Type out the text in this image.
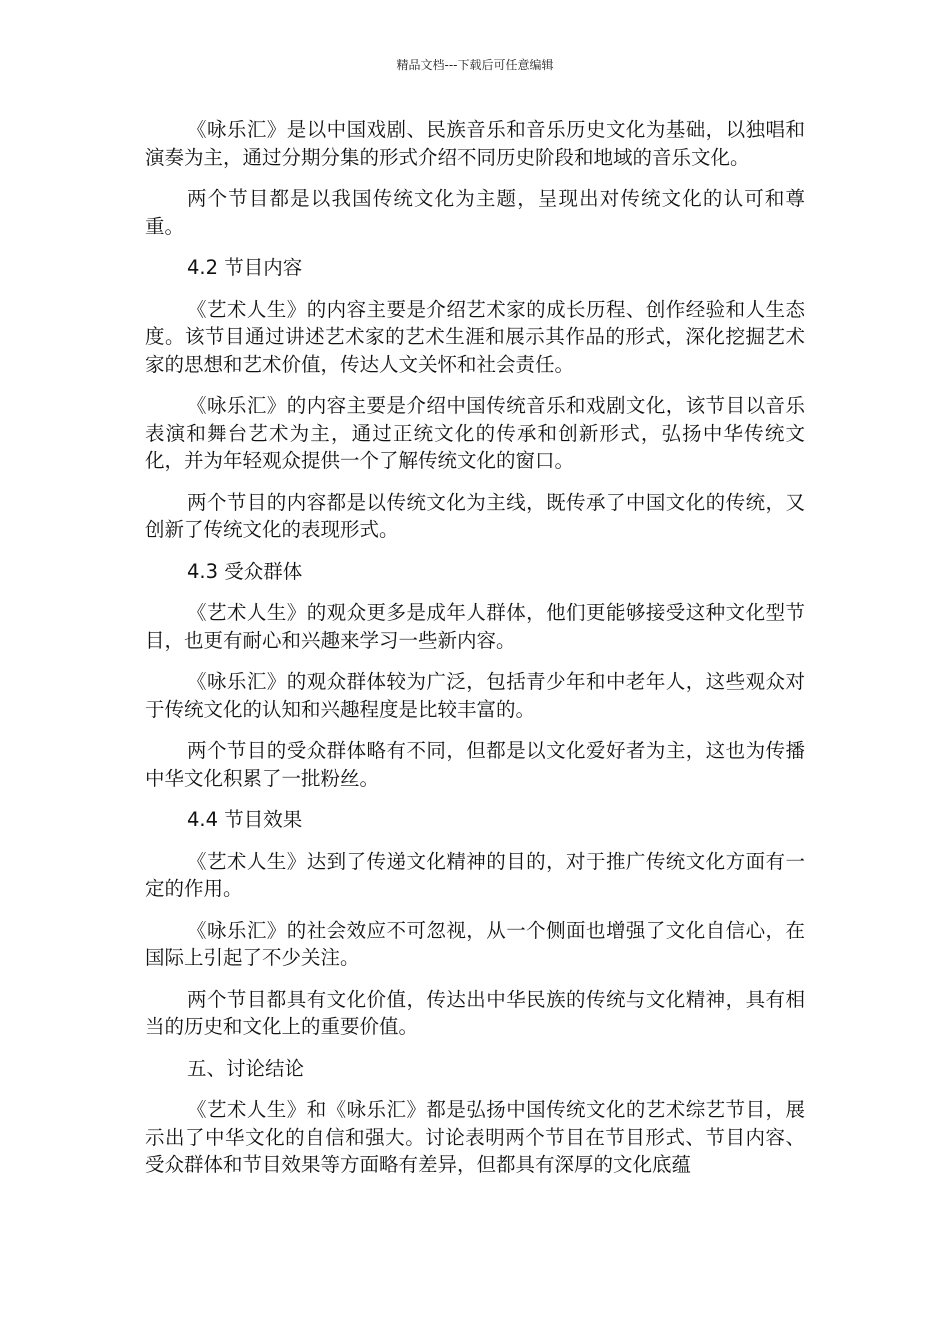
精品文档---下载后可任意编辑

《咏乐汇》是以中国戏剧、民族音乐和音乐历史文化为基础，以独唱和演奏为主，通过分期分集的形式介绍不同历史阶段和地域的音乐文化。

两个节目都是以我国传统文化为主题，呈现出对传统文化的认可和尊重。

4.2 节目内容

《艺术人生》的内容主要是介绍艺术家的成长历程、创作经验和人生态度。该节目通过讲述艺术家的艺术生涯和展示其作品的形式，深化挖掘艺术家的思想和艺术价值，传达人文关怀和社会责任。

《咏乐汇》的内容主要是介绍中国传统音乐和戏剧文化，该节目以音乐表演和舞台艺术为主，通过正统文化的传承和创新形式，弘扬中华传统文化，并为年轻观众提供一个了解传统文化的窗口。

两个节目的内容都是以传统文化为主线，既传承了中国文化的传统，又创新了传统文化的表现形式。

4.3 受众群体

《艺术人生》的观众更多是成年人群体，他们更能够接受这种文化型节目，也更有耐心和兴趣来学习一些新内容。

《咏乐汇》的观众群体较为广泛，包括青少年和中老年人，这些观众对于传统文化的认知和兴趣程度是比较丰富的。

两个节目的受众群体略有不同，但都是以文化爱好者为主，这也为传播中华文化积累了一批粉丝。

4.4 节目效果

《艺术人生》达到了传递文化精神的目的，对于推广传统文化方面有一定的作用。

《咏乐汇》的社会效应不可忽视，从一个侧面也增强了文化自信心，在国际上引起了不少关注。

两个节目都具有文化价值，传达出中华民族的传统与文化精神，具有相当的历史和文化上的重要价值。

五、讨论结论

《艺术人生》和《咏乐汇》都是弘扬中国传统文化的艺术综艺节目，展示出了中华文化的自信和强大。讨论表明两个节目在节目形式、节目内容、受众群体和节目效果等方面略有差异，但都具有深厚的文化底蕴
